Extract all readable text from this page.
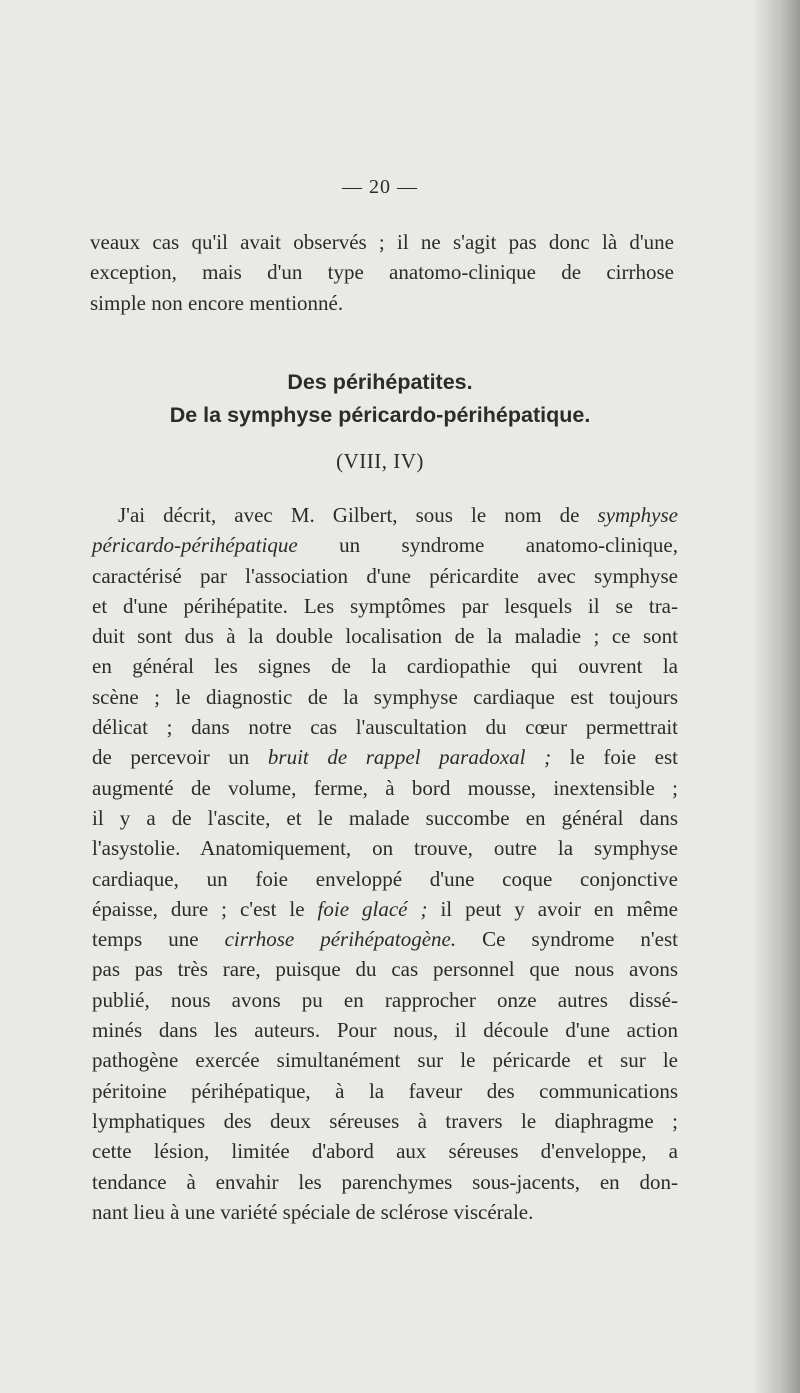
— 20 —

veaux cas qu'il avait observés ; il ne s'agit pas donc là d'une
exception, mais d'un type anatomo-clinique de cirrhose
simple non encore mentionné.

Des périhépatites.
De la symphyse péricardo-périhépatique.
(VIII, IV)

J'ai décrit, avec M. Gilbert, sous le nom de symphyse
péricardo-périhépatique un syndrome anatomo-clinique,
caractérisé par l'association d'une péricardite avec symphyse
et d'une périhépatite. Les symptômes par lesquels il se tra-
duit sont dus à la double localisation de la maladie ; ce sont
en général les signes de la cardiopathie qui ouvrent la
scène ; le diagnostic de la symphyse cardiaque est toujours
délicat ; dans notre cas l'auscultation du cœur permettrait
de percevoir un bruit de rappel paradoxal ; le foie est
augmenté de volume, ferme, à bord mousse, inextensible ;
il y a de l'ascite, et le malade succombe en général dans
l'asystolie. Anatomiquement, on trouve, outre la symphyse
cardiaque, un foie enveloppé d'une coque conjonctive
épaisse, dure ; c'est le foie glacé ; il peut y avoir en même
temps une cirrhose périhépatogène. Ce syndrome n'est
pas pas très rare, puisque du cas personnel que nous avons
publié, nous avons pu en rapprocher onze autres dissé-
minés dans les auteurs. Pour nous, il découle d'une action
pathogène exercée simultanément sur le péricarde et sur le
péritoine périhépatique, à la faveur des communications
lymphatiques des deux séreuses à travers le diaphragme ;
cette lésion, limitée d'abord aux séreuses d'enveloppe, a
tendance à envahir les parenchymes sous-jacents, en don-
nant lieu à une variété spéciale de sclérose viscérale.
